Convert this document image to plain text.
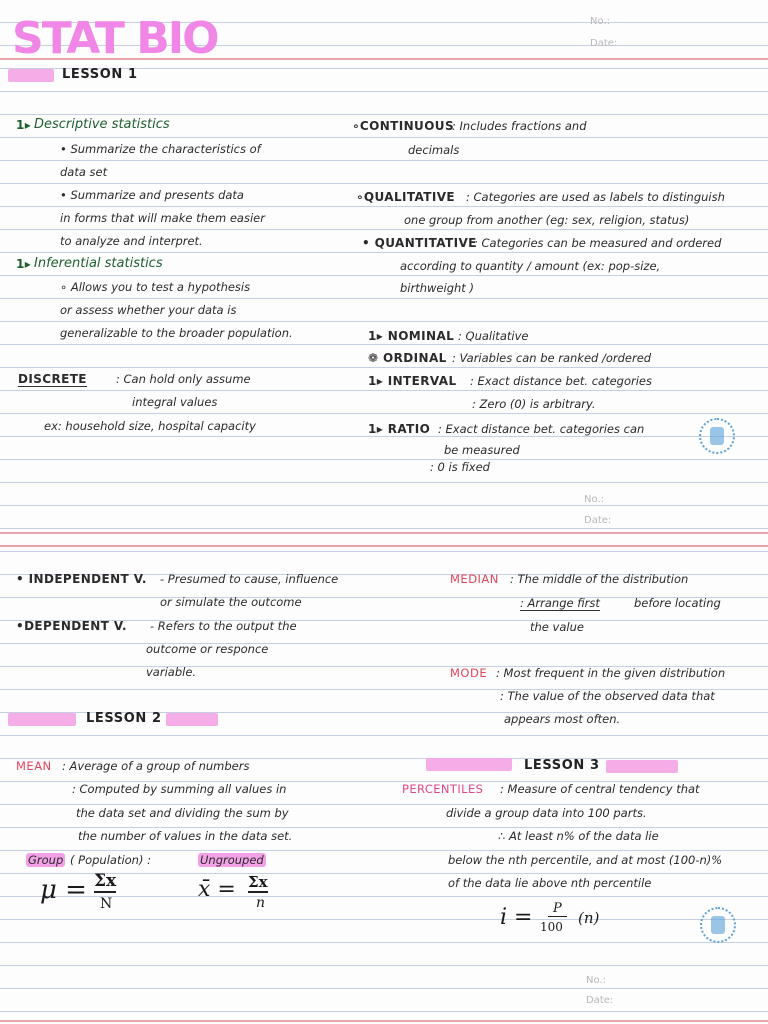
STAT BIO	No.:
Date:
LESSON 1
1▸ Descriptive statistics
• Summarize the characteristics of
data set
• Summarize and presents data
in forms that will make them easier
to analyze and interpret.
1▸ Inferential statistics
∘ Allows you to test a hypothesis
or assess whether your data is
generalizable to the broader population.
DISCRETE	: Can hold only assume
integral values
ex: household size, hospital capacity
∘CONTINUOUS
: Includes fractions and
decimals
∘QUALITATIVE : Categories are used as labels to distinguish
one group from another (eg: sex, religion, status)
• QUANTITATIVE
: Categories can be measured and ordered
according to quantity / amount (ex: pop-size,
birthweight )
1▸ NOMINAL : Qualitative
❁ ORDINAL : Variables can be ranked /ordered
1▸ INTERVAL : Exact distance bet. categories
: Zero (0) is arbitrary.
1▸ RATIO : Exact distance bet. categories can
be measured
: 0 is fixed
No.:
Date:
• INDEPENDENT V. - Presumed to cause, influence
or simulate the outcome
•DEPENDENT V. - Refers to the output the
outcome or responce
variable.
LESSON 2
MEAN : Average of a group of numbers
: Computed by summing all values in
the data set and dividing the sum by
the number of values in the data set.
Group ( Population) :	Ungrouped
μ = Σx
N
x̄ = Σx
n
MEDIAN : The middle of the distribution
: Arrange first	before locating
the value
MODE : Most frequent in the given distribution
: The value of the observed data that
appears most often.
LESSON 3
PERCENTILES : Measure of central tendency that
divide a group data into 100 parts.
∴ At least n% of the data lie
below the nth percentile, and at most (100-n)%
of the data lie above nth percentile
i =	P
100 (n)
No.:
Date:
